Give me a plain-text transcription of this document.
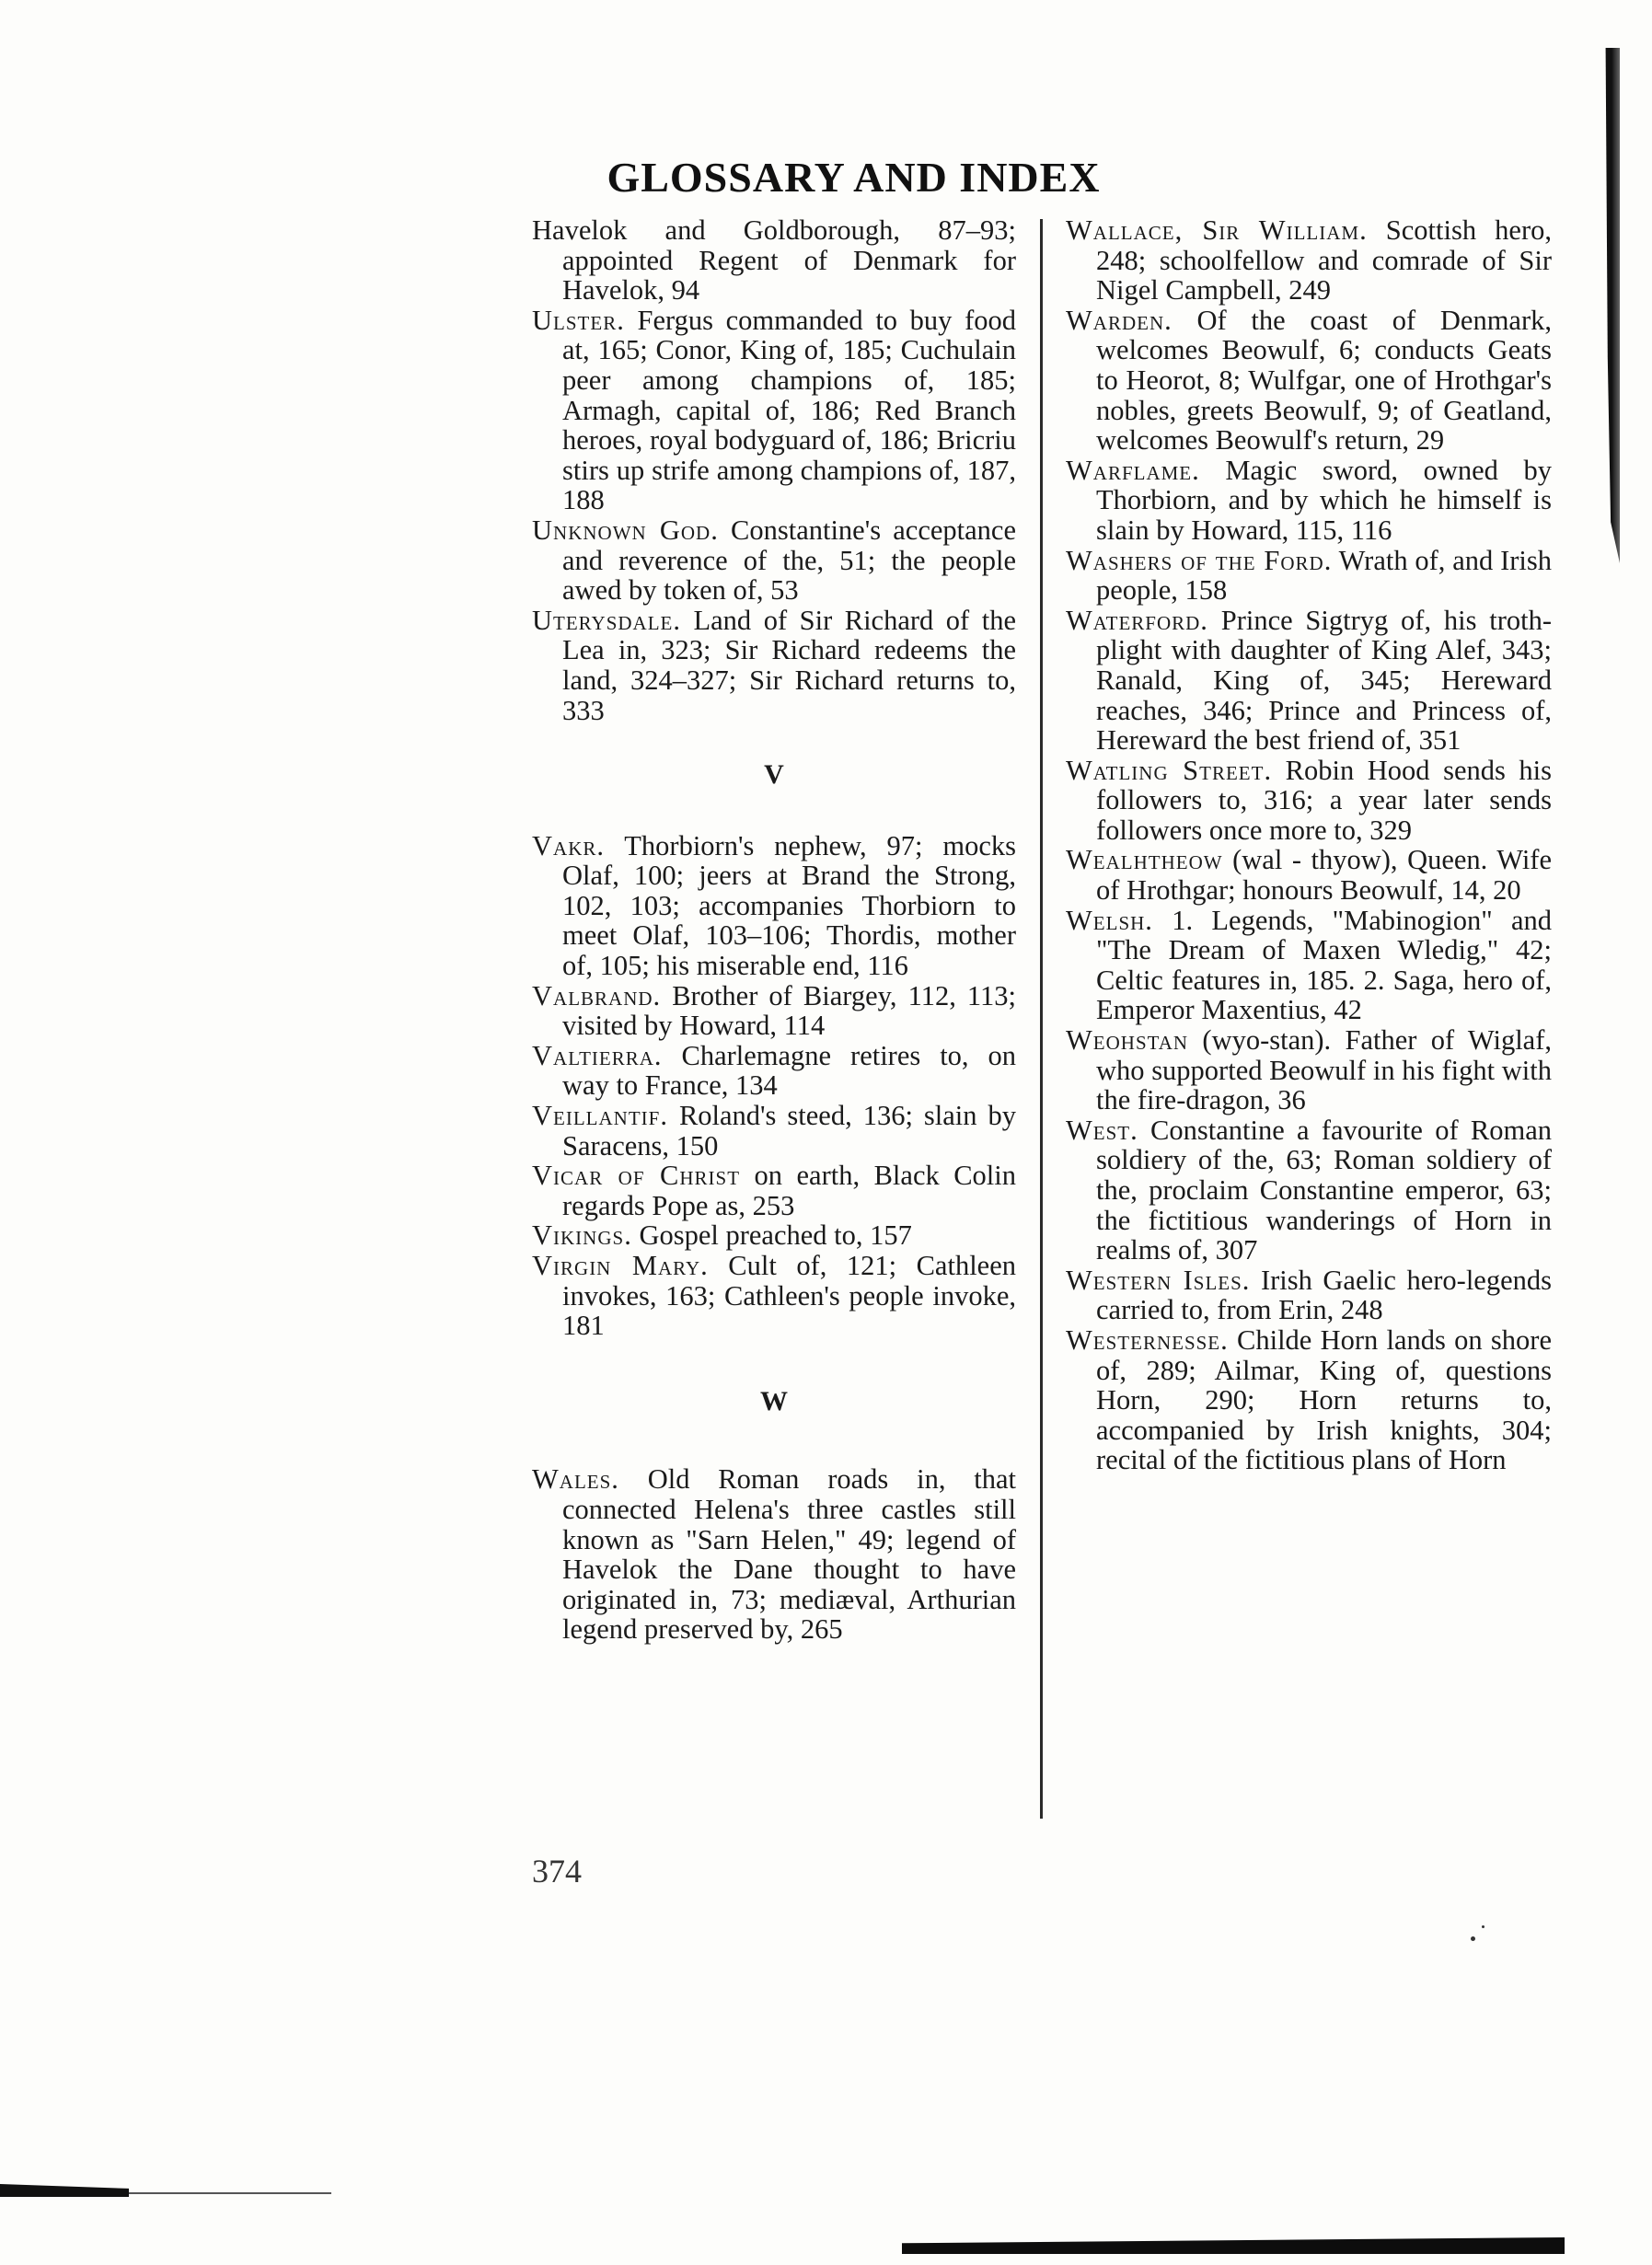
GLOSSARY AND INDEX

Havelok and Goldborough, 87–93; appointed Regent of Denmark for Havelok, 94

Ulster. Fergus commanded to buy food at, 165; Conor, King of, 185; Cuchulain peer among champions of, 185; Armagh, capital of, 186; Red Branch heroes, royal bodyguard of, 186; Bricriu stirs up strife among champions of, 187, 188

Unknown God. Constantine's acceptance and reverence of the, 51; the people awed by token of, 53

Uterysdale. Land of Sir Richard of the Lea in, 323; Sir Richard redeems the land, 324–327; Sir Richard returns to, 333

V

Vakr. Thorbiorn's nephew, 97; mocks Olaf, 100; jeers at Brand the Strong, 102, 103; accompanies Thorbiorn to meet Olaf, 103–106; Thordis, mother of, 105; his miserable end, 116

Valbrand. Brother of Biargey, 112, 113; visited by Howard, 114

Valtierra. Charlemagne retires to, on way to France, 134

Veillantif. Roland's steed, 136; slain by Saracens, 150

Vicar of Christ on earth, Black Colin regards Pope as, 253

Vikings. Gospel preached to, 157

Virgin Mary. Cult of, 121; Cathleen invokes, 163; Cathleen's people invoke, 181

W

Wales. Old Roman roads in, that connected Helena's three castles still known as "Sarn Helen," 49; legend of Havelok the Dane thought to have originated in, 73; mediæval, Arthurian legend preserved by, 265

Wallace, Sir William. Scottish hero, 248; schoolfellow and comrade of Sir Nigel Campbell, 249

Warden. Of the coast of Denmark, welcomes Beowulf, 6; conducts Geats to Heorot, 8; Wulfgar, one of Hrothgar's nobles, greets Beowulf, 9; of Geatland, welcomes Beowulf's return, 29

Warflame. Magic sword, owned by Thorbiorn, and by which he himself is slain by Howard, 115, 116

Washers of the Ford. Wrath of, and Irish people, 158

Waterford. Prince Sigtryg of, his troth-plight with daughter of King Alef, 343; Ranald, King of, 345; Hereward reaches, 346; Prince and Princess of, Hereward the best friend of, 351

Watling Street. Robin Hood sends his followers to, 316; a year later sends followers once more to, 329

Wealhtheow (wal - thyow), Queen. Wife of Hrothgar; honours Beowulf, 14, 20

Welsh. 1. Legends, "Mabinogion" and "The Dream of Maxen Wledig," 42; Celtic features in, 185. 2. Saga, hero of, Emperor Maxentius, 42

Weohstan (wyo-stan). Father of Wiglaf, who supported Beowulf in his fight with the fire-dragon, 36

West. Constantine a favourite of Roman soldiery of the, 63; Roman soldiery of the, proclaim Constantine emperor, 63; the fictitious wanderings of Horn in realms of, 307

Western Isles. Irish Gaelic hero-legends carried to, from Erin, 248

Westernesse. Childe Horn lands on shore of, 289; Ailmar, King of, questions Horn, 290; Horn returns to, accompanied by Irish knights, 304; recital of the fictitious plans of Horn

374
